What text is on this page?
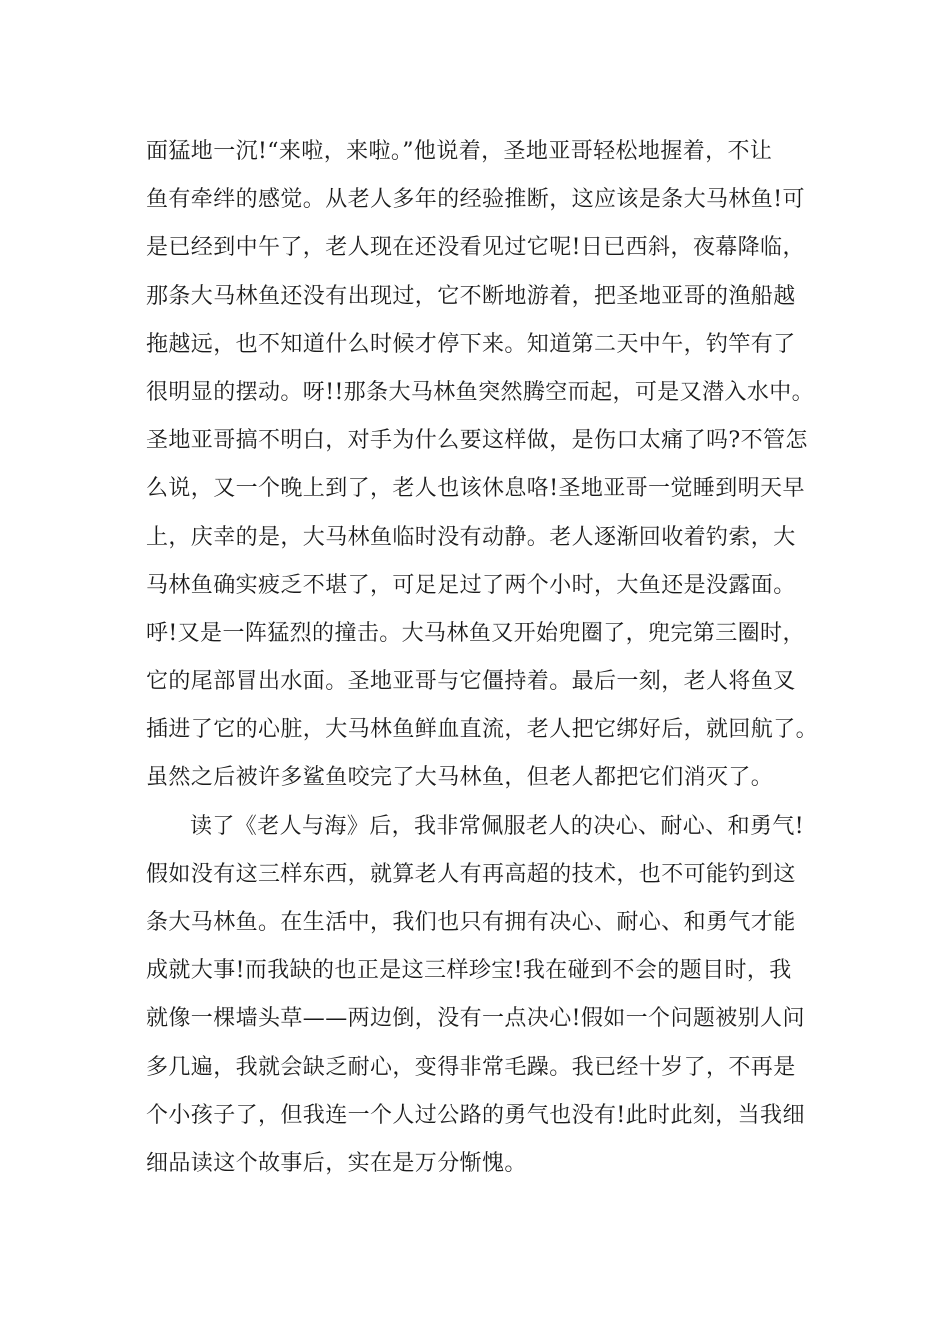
面猛地一沉!“来啦，来啦。”他说着，圣地亚哥轻松地握着，不让
鱼有牵绊的感觉。从老人多年的经验推断，这应该是条大马林鱼!可
是已经到中午了，老人现在还没看见过它呢!日已西斜，夜幕降临，
那条大马林鱼还没有出现过，它不断地游着，把圣地亚哥的渔船越
拖越远，也不知道什么时候才停下来。知道第二天中午，钓竿有了
很明显的摆动。呀!!那条大马林鱼突然腾空而起，可是又潜入水中。
圣地亚哥搞不明白，对手为什么要这样做，是伤口太痛了吗?不管怎
么说，又一个晚上到了，老人也该休息咯!圣地亚哥一觉睡到明天早
上，庆幸的是，大马林鱼临时没有动静。老人逐渐回收着钓索，大
马林鱼确实疲乏不堪了，可足足过了两个小时，大鱼还是没露面。
呼!又是一阵猛烈的撞击。大马林鱼又开始兜圈了，兜完第三圈时，
它的尾部冒出水面。圣地亚哥与它僵持着。最后一刻，老人将鱼叉
插进了它的心脏，大马林鱼鲜血直流，老人把它绑好后，就回航了。
虽然之后被许多鲨鱼咬完了大马林鱼，但老人都把它们消灭了。
读了《老人与海》后，我非常佩服老人的决心、耐心、和勇气!
假如没有这三样东西，就算老人有再高超的技术，也不可能钓到这
条大马林鱼。在生活中，我们也只有拥有决心、耐心、和勇气才能
成就大事!而我缺的也正是这三样珍宝!我在碰到不会的题目时，我
就像一棵墙头草——两边倒，没有一点决心!假如一个问题被别人问
多几遍，我就会缺乏耐心，变得非常毛躁。我已经十岁了，不再是
个小孩子了，但我连一个人过公路的勇气也没有!此时此刻，当我细
细品读这个故事后，实在是万分惭愧。
